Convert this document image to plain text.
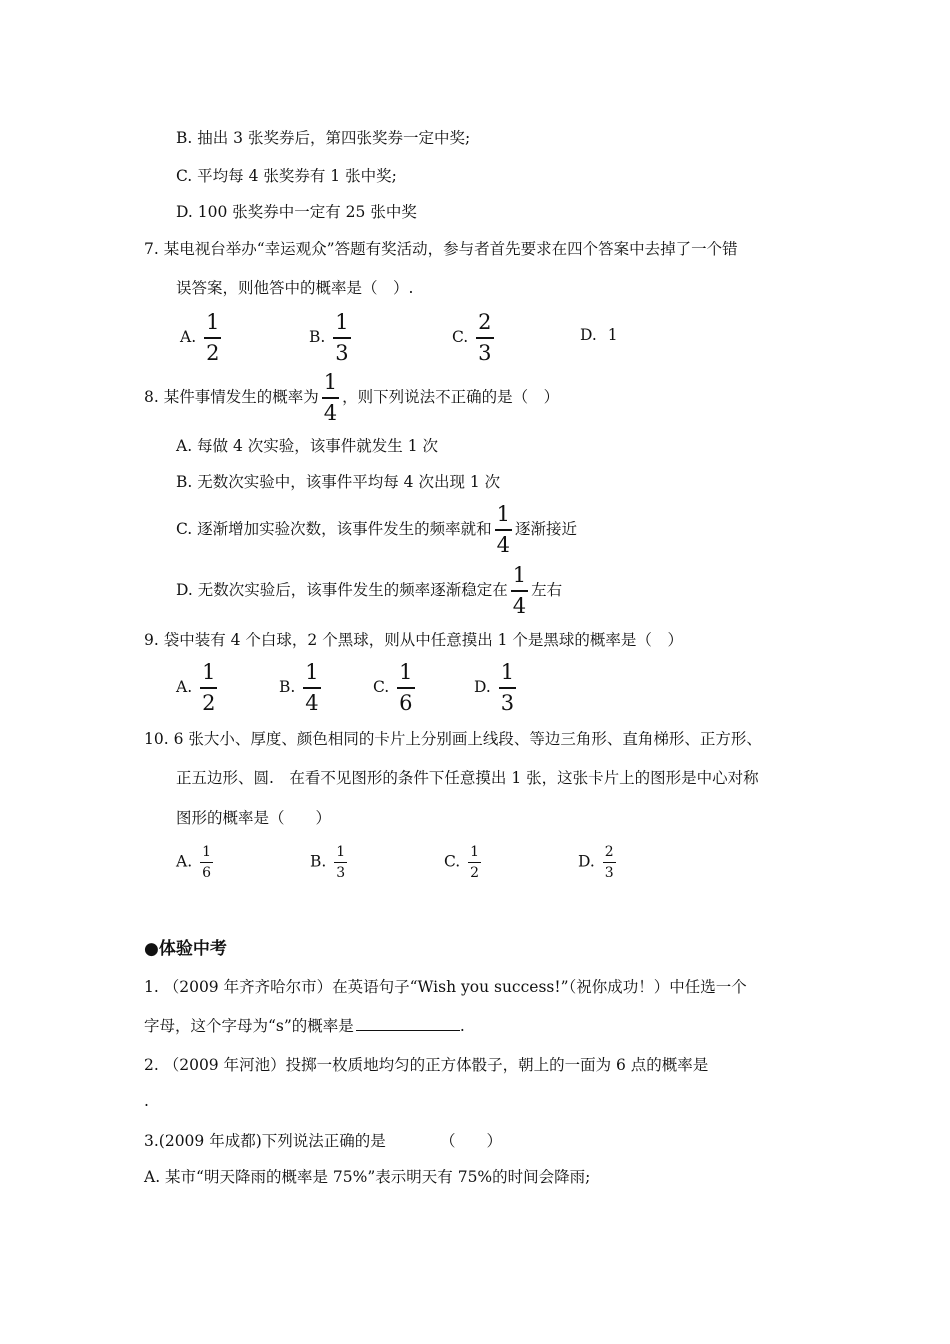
B. 抽出 3 张奖券后，第四张奖券一定中奖;
C. 平均每 4 张奖券有 1 张中奖;
D. 100 张奖券中一定有 25 张中奖
7. 某电视台举办“幸运观众”答题有奖活动，参与者首先要求在四个答案中去掉了一个错
误答案，则他答中的概率是（　）.
A. $\frac{1}{2}$	B. $\frac{1}{3}$	C. $\frac{2}{3}$	D. 1
8. 某件事情发生的概率为 $\frac{1}{4}$ ，则下列说法不正确的是（　）
A. 每做 4 次实验，该事件就发生 1 次
B. 无数次实验中，该事件平均每 4 次出现 1 次
C. 逐渐增加实验次数，该事件发生的频率就和 $\frac{1}{4}$ 逐渐接近
D. 无数次实验后，该事件发生的频率逐渐稳定在 $\frac{1}{4}$ 左右
9. 袋中装有 4 个白球，2 个黑球，则从中任意摸出 1 个是黑球的概率是（　）
A. $\frac{1}{2}$	B. $\frac{1}{4}$	C. $\frac{1}{6}$	D. $\frac{1}{3}$
10. 6 张大小、厚度、颜色相同的卡片上分别画上线段、等边三角形、直角梯形、正方形、
正五边形、圆.　在看不见图形的条件下任意摸出 1 张，这张卡片上的图形是中心对称
图形的概率是（　　）
A. $\frac{1}{6}$	B. $\frac{1}{3}$	C. $\frac{1}{2}$	D. $\frac{2}{3}$
●体验中考
1. （2009 年齐齐哈尔市）在英语句子“Wish you success!”（祝你成功！）中任选一个
字母，这个字母为“s”的概率是	.
2. （2009 年河池）投掷一枚质地均匀的正方体骰子，朝上的一面为 6 点的概率是
.
3.(2009 年成都)下列说法正确的是　　　　（　　）
A. 某市“明天降雨的概率是 75%”表示明天有 75%的时间会降雨;
